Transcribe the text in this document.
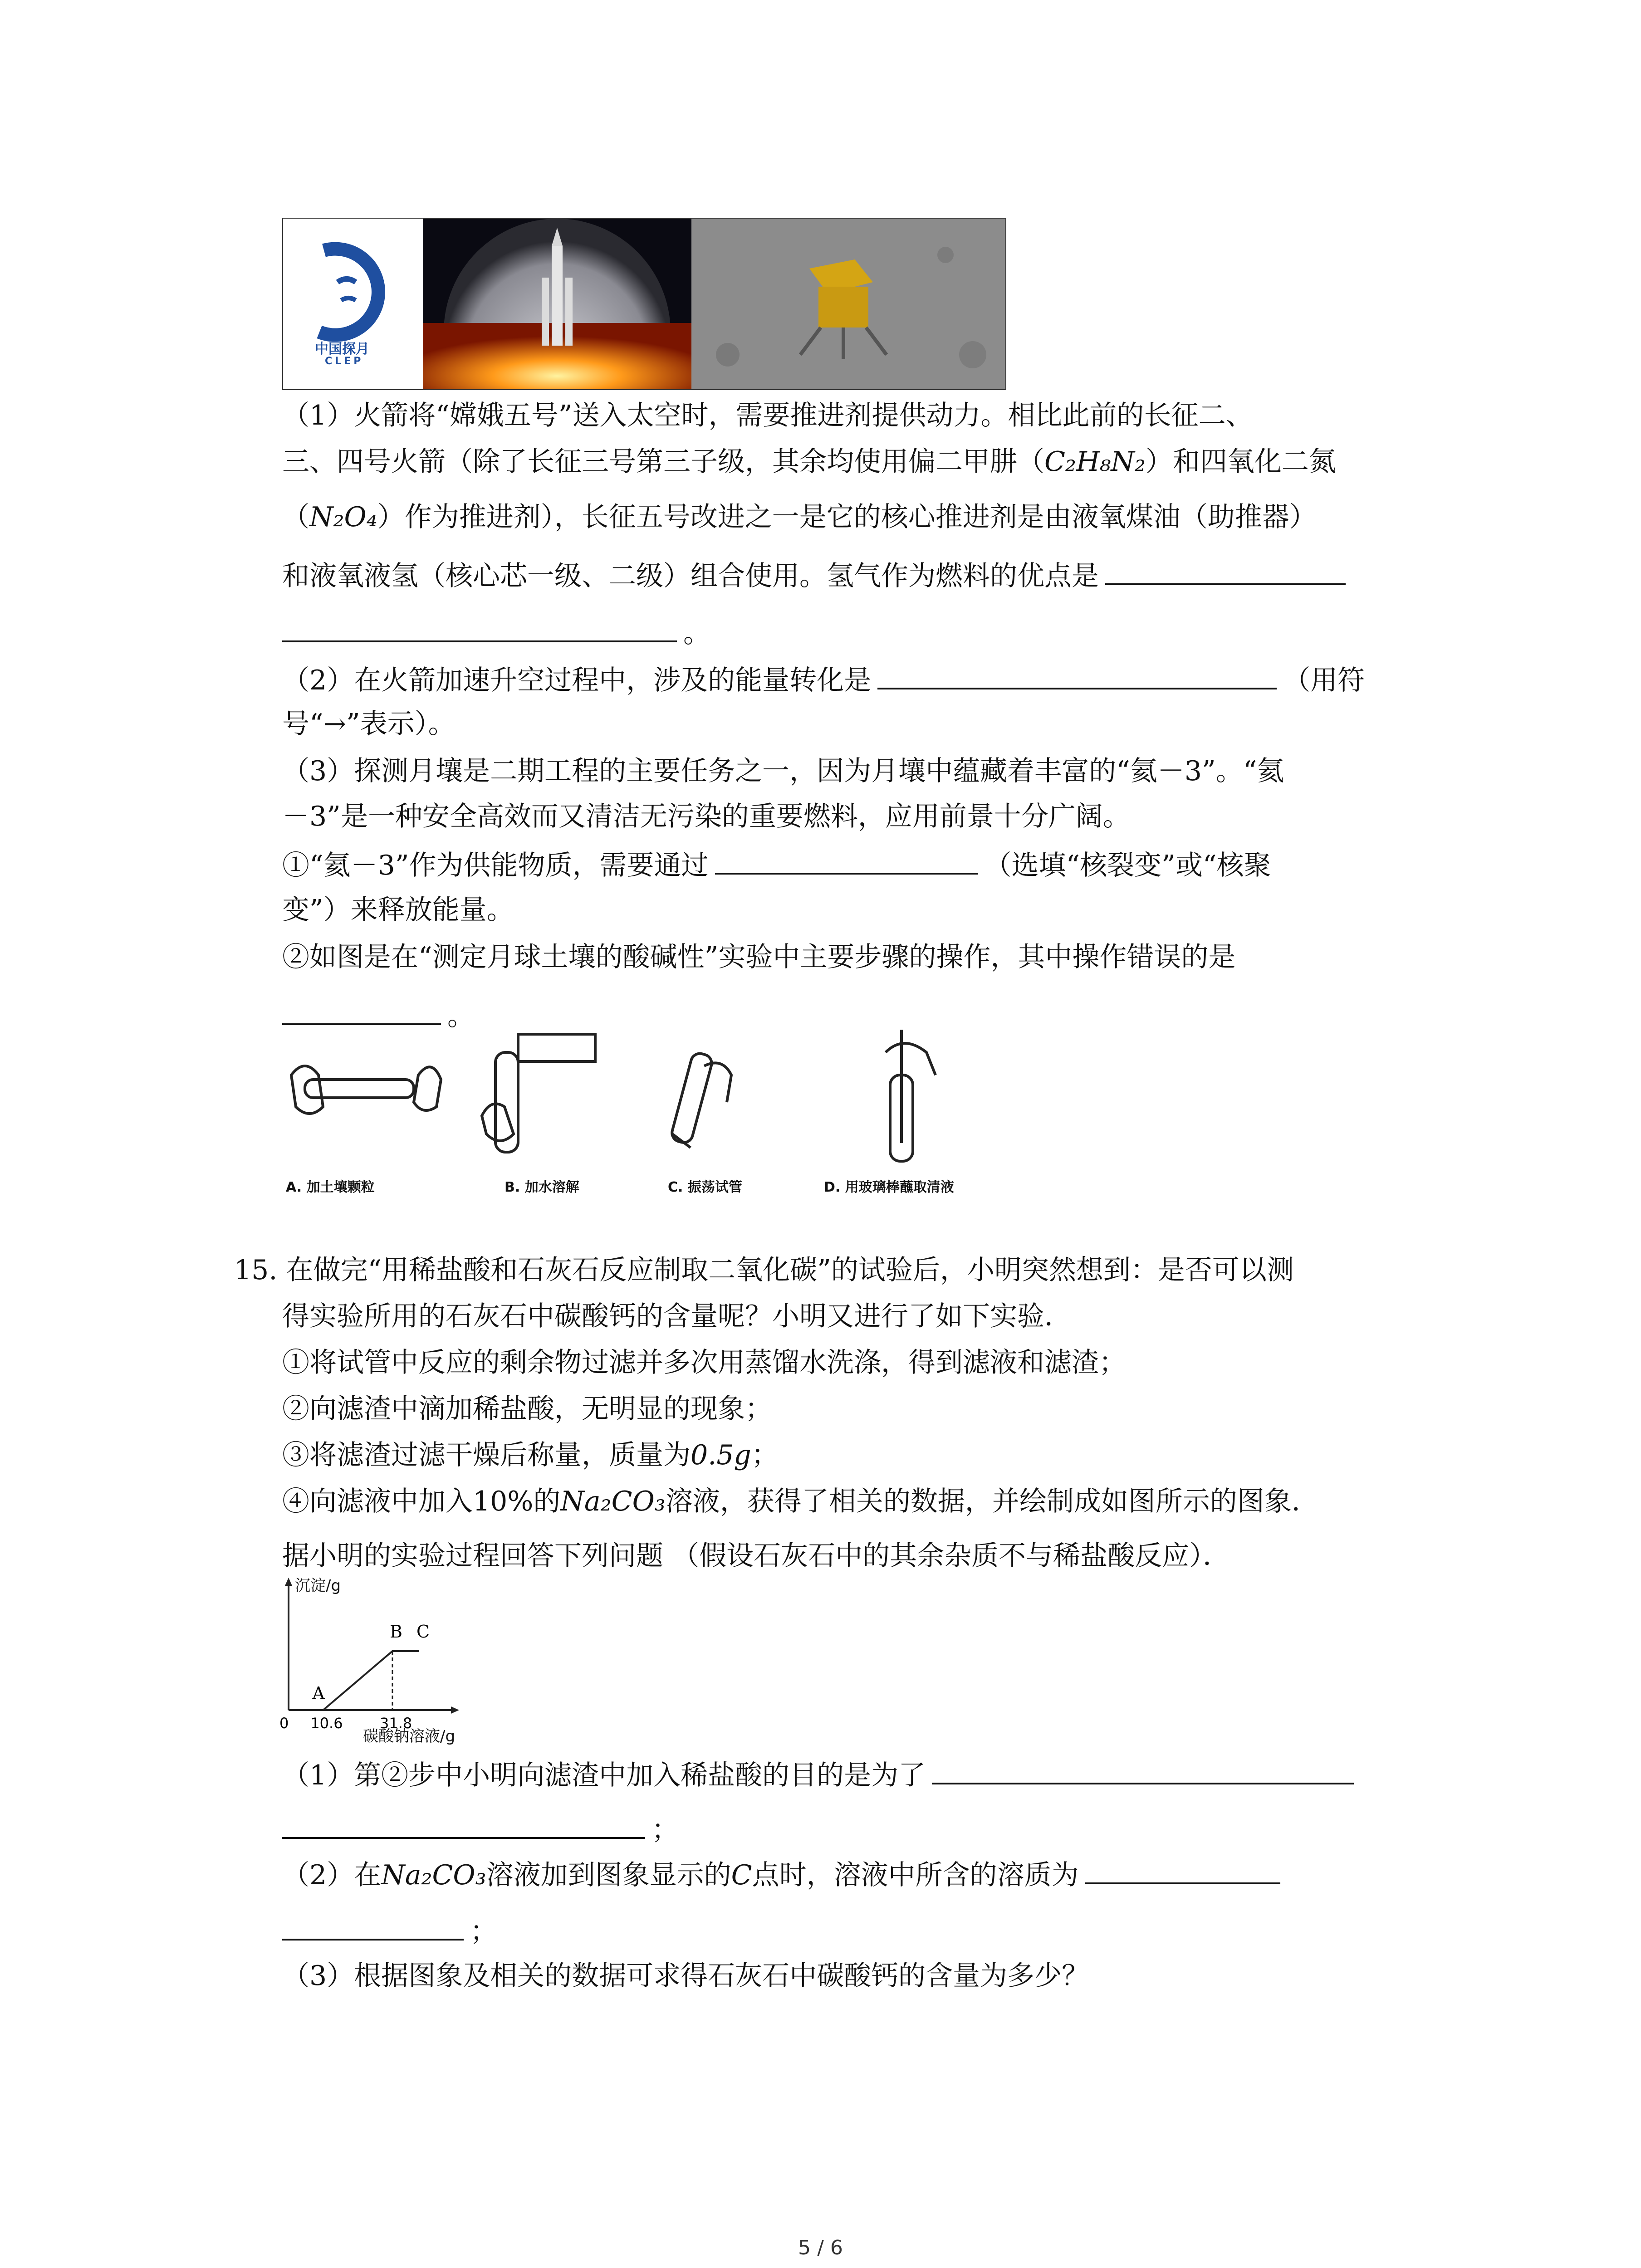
中国探月
CLEP
（1）火箭将“嫦娥五号”送入太空时，需要推进剂提供动力。相比此前的长征二、
三、四号火箭（除了长征三号第三子级，其余均使用偏二甲肼（C₂H₈N₂）和四氧化二氮
（N₂O₄）作为推进剂），长征五号改进之一是它的核心推进剂是由液氧煤油（助推器）
和液氧液氢（核心芯一级、二级）组合使用。氢气作为燃料的优点是
。
（2）在火箭加速升空过程中，涉及的能量转化是	（用符
号“→”表示）。
（3）探测月壤是二期工程的主要任务之一，因为月壤中蕴藏着丰富的“氦－3”。“氦
－3”是一种安全高效而又清洁无污染的重要燃料，应用前景十分广阔。
①“氦－3”作为供能物质，需要通过	（选填“核裂变”或“核聚
变”）来释放能量。
②如图是在“测定月球土壤的酸碱性”实验中主要步骤的操作，其中操作错误的是
。
A. 加土壤颗粒	B. 加水溶解	C. 振荡试管	D. 用玻璃棒蘸取清液
15. 在做完“用稀盐酸和石灰石反应制取二氧化碳”的试验后，小明突然想到：是否可以测
得实验所用的石灰石中碳酸钙的含量呢？小明又进行了如下实验．
①将试管中反应的剩余物过滤并多次用蒸馏水洗涤，得到滤液和滤渣；
②向滤渣中滴加稀盐酸，无明显的现象；
③将滤渣过滤干燥后称量，质量为0.5g；
④向滤液中加入10%的Na₂CO₃溶液，获得了相关的数据，并绘制成如图所示的图象．
据小明的实验过程回答下列问题 （假设石灰石中的其余杂质不与稀盐酸反应）．
A
B C
0 10.6	31.8
沉淀/g
碳酸钠溶液/g
（1）第②步中小明向滤渣中加入稀盐酸的目的是为了
；
（2）在Na₂CO₃溶液加到图象显示的C点时，溶液中所含的溶质为
；
（3）根据图象及相关的数据可求得石灰石中碳酸钙的含量为多少？
5 / 6
